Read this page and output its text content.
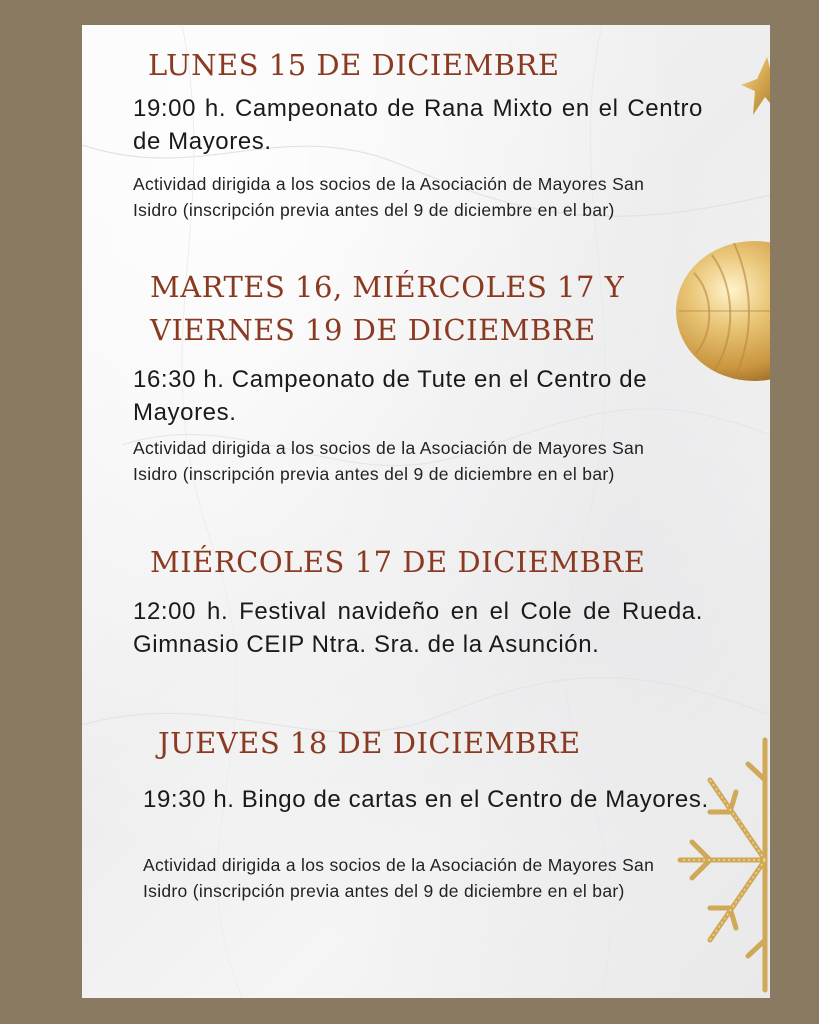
LUNES 15 DE DICIEMBRE

19:00 h. Campeonato de Rana Mixto en el Centro de Mayores.

Actividad dirigida a los socios de la Asociación de Mayores San Isidro (inscripción previa antes del 9 de diciembre en el bar)

MARTES 16, MIÉRCOLES 17 Y
VIERNES 19 DE DICIEMBRE

16:30 h. Campeonato de Tute en el Centro de Mayores.

Actividad dirigida a los socios de la Asociación de Mayores San Isidro (inscripción previa antes del 9 de diciembre en el bar)

MIÉRCOLES 17 DE DICIEMBRE

12:00 h. Festival navideño en el Cole de Rueda. Gimnasio CEIP Ntra. Sra. de la Asunción.

JUEVES 18 DE DICIEMBRE

19:30 h. Bingo de cartas en el Centro de Mayores.

Actividad dirigida a los socios de la Asociación de Mayores San Isidro (inscripción previa antes del 9 de diciembre en el bar)
